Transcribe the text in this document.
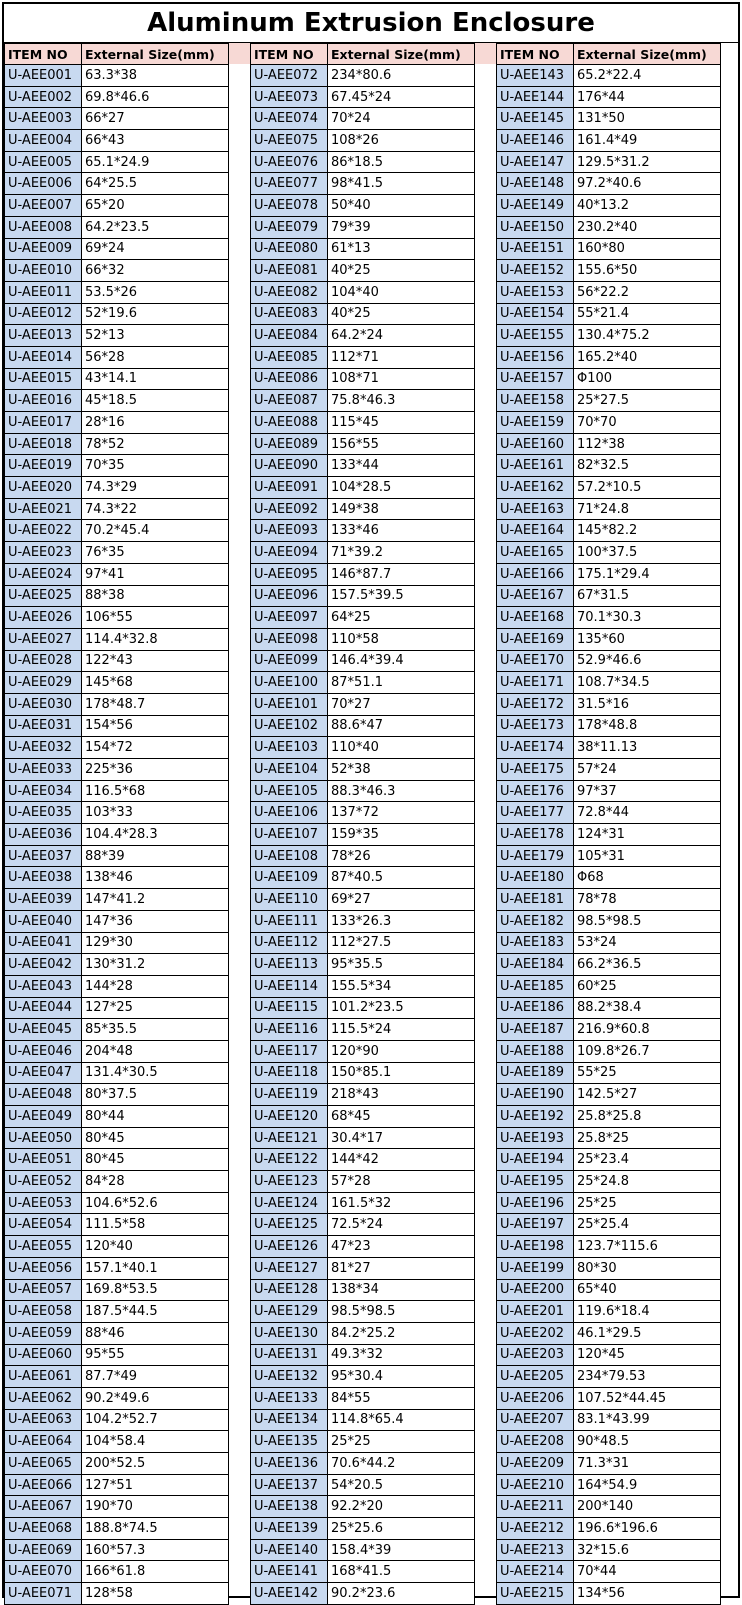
Aluminum Extrusion Enclosure
ITEM NO	External Size(mm)
U-AEE001	63.3*38
U-AEE002	69.8*46.6
U-AEE003	66*27
U-AEE004	66*43
U-AEE005	65.1*24.9
U-AEE006	64*25.5
U-AEE007	65*20
U-AEE008	64.2*23.5
U-AEE009	69*24
U-AEE010	66*32
U-AEE011	53.5*26
U-AEE012	52*19.6
U-AEE013	52*13
U-AEE014	56*28
U-AEE015	43*14.1
U-AEE016	45*18.5
U-AEE017	28*16
U-AEE018	78*52
U-AEE019	70*35
U-AEE020	74.3*29
U-AEE021	74.3*22
U-AEE022	70.2*45.4
U-AEE023	76*35
U-AEE024	97*41
U-AEE025	88*38
U-AEE026	106*55
U-AEE027	114.4*32.8
U-AEE028	122*43
U-AEE029	145*68
U-AEE030	178*48.7
U-AEE031	154*56
U-AEE032	154*72
U-AEE033	225*36
U-AEE034	116.5*68
U-AEE035	103*33
U-AEE036	104.4*28.3
U-AEE037	88*39
U-AEE038	138*46
U-AEE039	147*41.2
U-AEE040	147*36
U-AEE041	129*30
U-AEE042	130*31.2
U-AEE043	144*28
U-AEE044	127*25
U-AEE045	85*35.5
U-AEE046	204*48
U-AEE047	131.4*30.5
U-AEE048	80*37.5
U-AEE049	80*44
U-AEE050	80*45
U-AEE051	80*45
U-AEE052	84*28
U-AEE053	104.6*52.6
U-AEE054	111.5*58
U-AEE055	120*40
U-AEE056	157.1*40.1
U-AEE057	169.8*53.5
U-AEE058	187.5*44.5
U-AEE059	88*46
U-AEE060	95*55
U-AEE061	87.7*49
U-AEE062	90.2*49.6
U-AEE063	104.2*52.7
U-AEE064	104*58.4
U-AEE065	200*52.5
U-AEE066	127*51
U-AEE067	190*70
U-AEE068	188.8*74.5
U-AEE069	160*57.3
U-AEE070	166*61.8
U-AEE071	128*58
ITEM NO	External Size(mm)
U-AEE072	234*80.6
U-AEE073	67.45*24
U-AEE074	70*24
U-AEE075	108*26
U-AEE076	86*18.5
U-AEE077	98*41.5
U-AEE078	50*40
U-AEE079	79*39
U-AEE080	61*13
U-AEE081	40*25
U-AEE082	104*40
U-AEE083	40*25
U-AEE084	64.2*24
U-AEE085	112*71
U-AEE086	108*71
U-AEE087	75.8*46.3
U-AEE088	115*45
U-AEE089	156*55
U-AEE090	133*44
U-AEE091	104*28.5
U-AEE092	149*38
U-AEE093	133*46
U-AEE094	71*39.2
U-AEE095	146*87.7
U-AEE096	157.5*39.5
U-AEE097	64*25
U-AEE098	110*58
U-AEE099	146.4*39.4
U-AEE100	87*51.1
U-AEE101	70*27
U-AEE102	88.6*47
U-AEE103	110*40
U-AEE104	52*38
U-AEE105	88.3*46.3
U-AEE106	137*72
U-AEE107	159*35
U-AEE108	78*26
U-AEE109	87*40.5
U-AEE110	69*27
U-AEE111	133*26.3
U-AEE112	112*27.5
U-AEE113	95*35.5
U-AEE114	155.5*34
U-AEE115	101.2*23.5
U-AEE116	115.5*24
U-AEE117	120*90
U-AEE118	150*85.1
U-AEE119	218*43
U-AEE120	68*45
U-AEE121	30.4*17
U-AEE122	144*42
U-AEE123	57*28
U-AEE124	161.5*32
U-AEE125	72.5*24
U-AEE126	47*23
U-AEE127	81*27
U-AEE128	138*34
U-AEE129	98.5*98.5
U-AEE130	84.2*25.2
U-AEE131	49.3*32
U-AEE132	95*30.4
U-AEE133	84*55
U-AEE134	114.8*65.4
U-AEE135	25*25
U-AEE136	70.6*44.2
U-AEE137	54*20.5
U-AEE138	92.2*20
U-AEE139	25*25.6
U-AEE140	158.4*39
U-AEE141	168*41.5
U-AEE142	90.2*23.6
ITEM NO	External Size(mm)
U-AEE143	65.2*22.4
U-AEE144	176*44
U-AEE145	131*50
U-AEE146	161.4*49
U-AEE147	129.5*31.2
U-AEE148	97.2*40.6
U-AEE149	40*13.2
U-AEE150	230.2*40
U-AEE151	160*80
U-AEE152	155.6*50
U-AEE153	56*22.2
U-AEE154	55*21.4
U-AEE155	130.4*75.2
U-AEE156	165.2*40
U-AEE157	Φ100
U-AEE158	25*27.5
U-AEE159	70*70
U-AEE160	112*38
U-AEE161	82*32.5
U-AEE162	57.2*10.5
U-AEE163	71*24.8
U-AEE164	145*82.2
U-AEE165	100*37.5
U-AEE166	175.1*29.4
U-AEE167	67*31.5
U-AEE168	70.1*30.3
U-AEE169	135*60
U-AEE170	52.9*46.6
U-AEE171	108.7*34.5
U-AEE172	31.5*16
U-AEE173	178*48.8
U-AEE174	38*11.13
U-AEE175	57*24
U-AEE176	97*37
U-AEE177	72.8*44
U-AEE178	124*31
U-AEE179	105*31
U-AEE180	Φ68
U-AEE181	78*78
U-AEE182	98.5*98.5
U-AEE183	53*24
U-AEE184	66.2*36.5
U-AEE185	60*25
U-AEE186	88.2*38.4
U-AEE187	216.9*60.8
U-AEE188	109.8*26.7
U-AEE189	55*25
U-AEE190	142.5*27
U-AEE192	25.8*25.8
U-AEE193	25.8*25
U-AEE194	25*23.4
U-AEE195	25*24.8
U-AEE196	25*25
U-AEE197	25*25.4
U-AEE198	123.7*115.6
U-AEE199	80*30
U-AEE200	65*40
U-AEE201	119.6*18.4
U-AEE202	46.1*29.5
U-AEE203	120*45
U-AEE205	234*79.53
U-AEE206	107.52*44.45
U-AEE207	83.1*43.99
U-AEE208	90*48.5
U-AEE209	71.3*31
U-AEE210	164*54.9
U-AEE211	200*140
U-AEE212	196.6*196.6
U-AEE213	32*15.6
U-AEE214	70*44
U-AEE215	134*56
